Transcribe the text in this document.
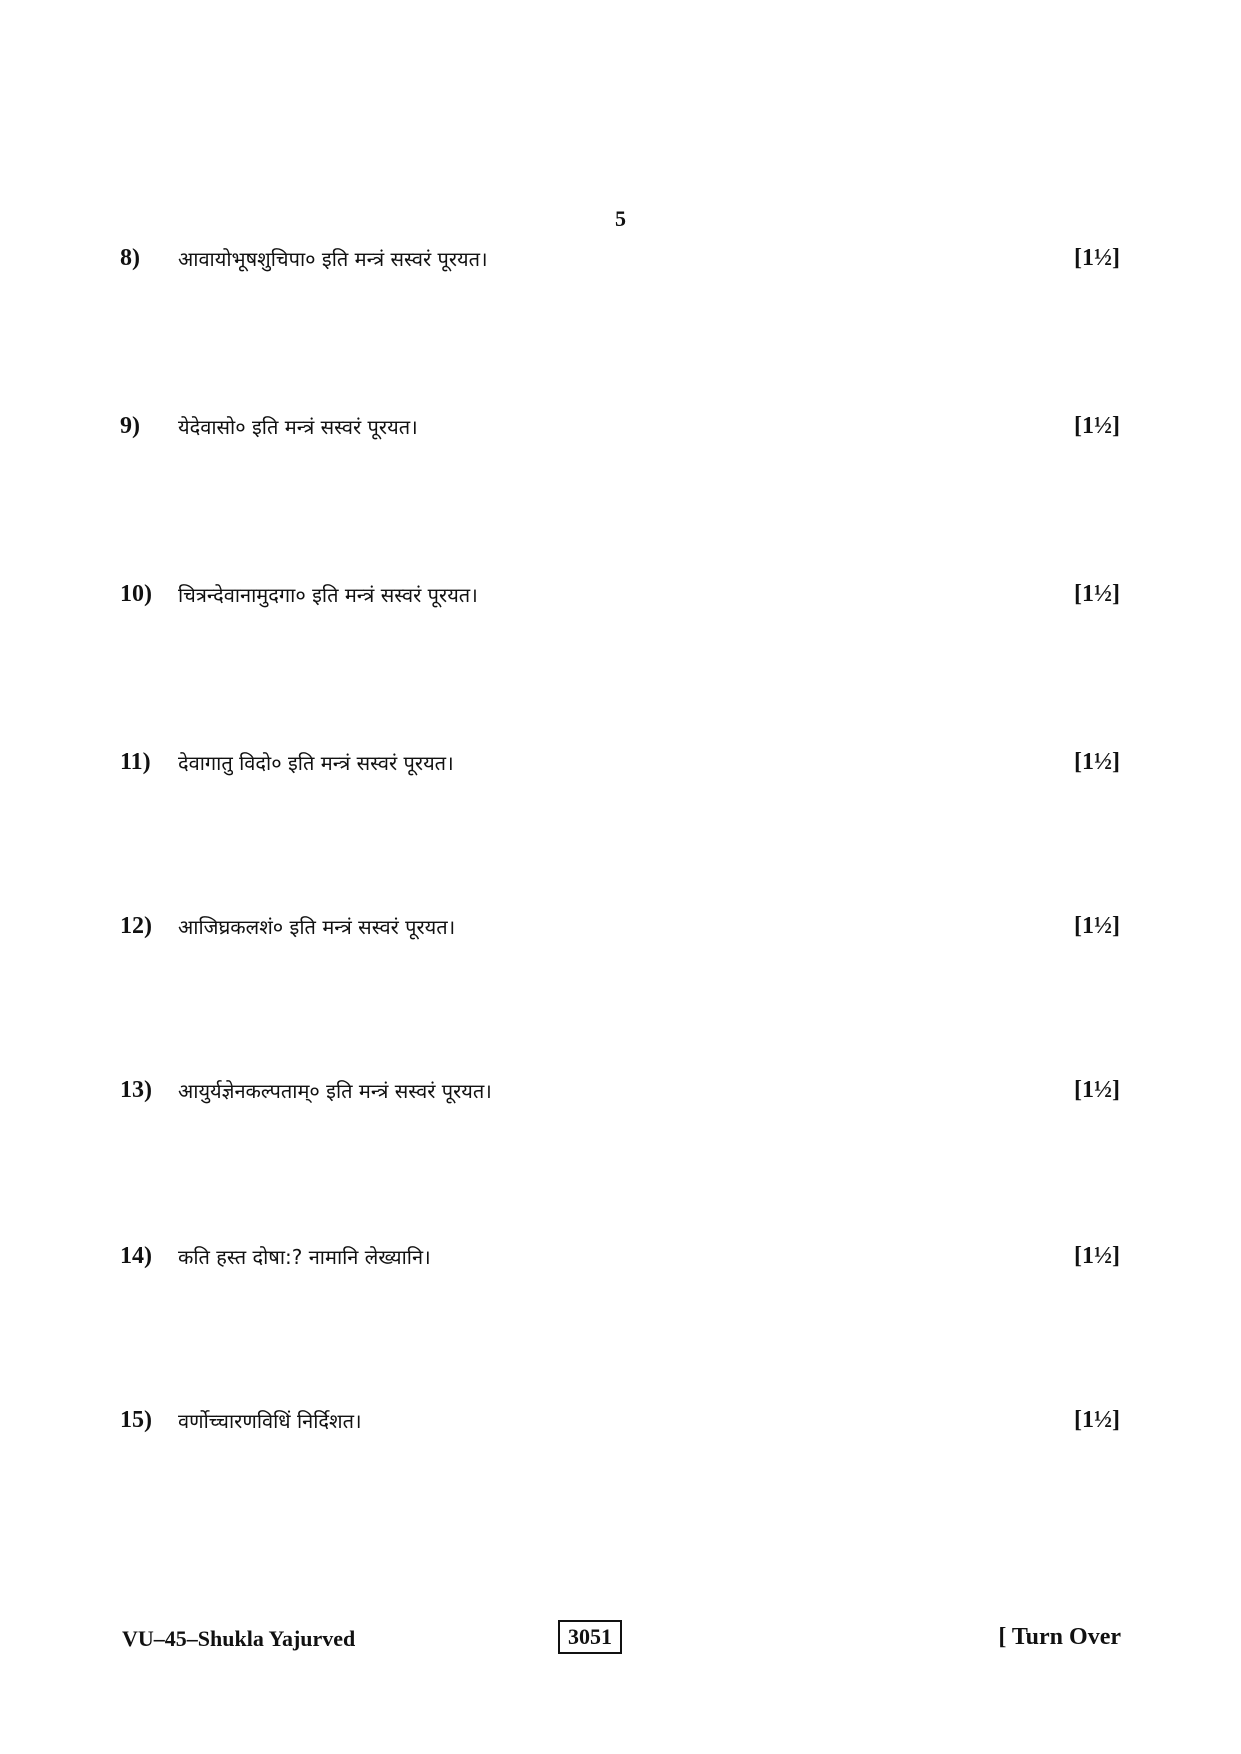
5
8)	आवायोभूषशुचिपा० इति मन्त्रं सस्वरं पूरयत।	[1½]
9)	येदेवासो० इति मन्त्रं सस्वरं पूरयत।	[1½]
10)	चित्रन्देवानामुदगा० इति मन्त्रं सस्वरं पूरयत।	[1½]
11)	देवागातु विदो० इति मन्त्रं सस्वरं पूरयत।	[1½]
12)	आजिघ्रकलशं० इति मन्त्रं सस्वरं पूरयत।	[1½]
13)	आयुर्यज्ञेनकल्पताम्० इति मन्त्रं सस्वरं पूरयत।	[1½]
14)	कति हस्त दोषा:? नामानि लेख्यानि।	[1½]
15)	वर्णोच्चारणविधिं निर्दिशत।	[1½]
VU–45–Shukla Yajurved	3051	[ Turn Over
